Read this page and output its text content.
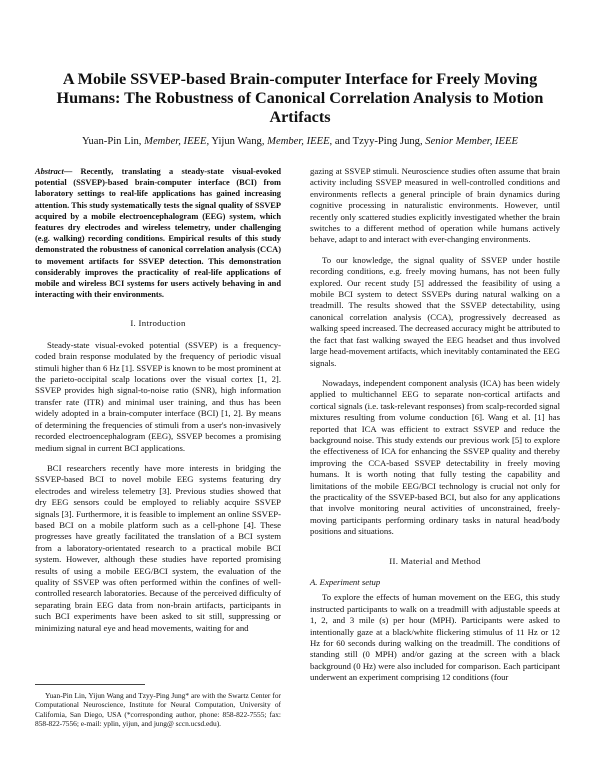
A Mobile SSVEP-based Brain-computer Interface for Freely Moving Humans: The Robustness of Canonical Correlation Analysis to Motion Artifacts
Yuan-Pin Lin, Member, IEEE, Yijun Wang, Member, IEEE, and Tzyy-Ping Jung, Senior Member, IEEE

Abstract— Recently, translating a steady-state visual-evoked potential (SSVEP)-based brain-computer interface (BCI) from laboratory settings to real-life applications has gained increasing attention. This study systematically tests the signal quality of SSVEP acquired by a mobile electroencephalogram (EEG) system, which features dry electrodes and wireless telemetry, under challenging (e.g. walking) recording conditions. Empirical results of this study demonstrated the robustness of canonical correlation analysis (CCA) to movement artifacts for SSVEP detection. This demonstration considerably improves the practicality of real-life applications of mobile and wireless BCI systems for users actively behaving in and interacting with their environments.

I. Introduction

Steady-state visual-evoked potential (SSVEP) is a frequency-coded brain response modulated by the frequency of periodic visual stimuli higher than 6 Hz [1]. SSVEP is known to be most prominent at the parieto-occipital scalp locations over the visual cortex [1, 2]. SSVEP provides high signal-to-noise ratio (SNR), high information transfer rate (ITR) and minimal user training, and thus has been widely adopted in a brain-computer interface (BCI) [1, 2]. By means of determining the frequencies of stimuli from a user's non-invasively recorded electroencephalogram (EEG), SSVEP becomes a promising medium signal in current BCI applications.

BCI researchers recently have more interests in bridging the SSVEP-based BCI to novel mobile EEG systems featuring dry electrodes and wireless telemetry [3]. Previous studies showed that dry EEG sensors could be employed to reliably acquire SSVEP signals [3]. Furthermore, it is feasible to implement an online SSVEP-based BCI on a mobile platform such as a cell-phone [4]. These progresses have greatly facilitated the translation of a BCI system from a laboratory-orientated research to a practical mobile BCI system. However, although these studies have reported promising results of using a mobile EEG/BCI system, the evaluation of the quality of SSVEP was often performed within the confines of well-controlled research laboratories. Because of the perceived difficulty of separating brain EEG data from non-brain artifacts, participants in such BCI experiments have been asked to sit still, suppressing or minimizing natural eye and head movements, waiting for and

Yuan-Pin Lin, Yijun Wang and Tzyy-Ping Jung* are with the Swartz Center for Computational Neuroscience, Institute for Neural Computation, University of California, San Diego, USA (*corresponding author, phone: 858-822-7555; fax: 858-822-7556; e-mail: yplin, yijun, and jung@ sccn.ucsd.edu).

gazing at SSVEP stimuli. Neuroscience studies often assume that brain activity including SSVEP measured in well-controlled conditions and environments reflects a general principle of brain dynamics during cognitive processing in naturalistic environments. However, until recently only scattered studies explicitly investigated whether the brain switches to a different method of operation while humans actively behave, adapt to and interact with ever-changing environments.

To our knowledge, the signal quality of SSVEP under hostile recording conditions, e.g. freely moving humans, has not been fully explored. Our recent study [5] addressed the feasibility of using a mobile BCI system to detect SSVEPs during natural walking on a treadmill. The results showed that the SSVEP detectability, using canonical correlation analysis (CCA), progressively decreased as walking speed increased. The decreased accuracy might be attributed to the fact that fast walking swayed the EEG headset and thus involved large head-movement artifacts, which inevitably contaminated the EEG signals.

Nowadays, independent component analysis (ICA) has been widely applied to multichannel EEG to separate non-cortical artifacts and cortical signals (i.e. task-relevant responses) from scalp-recorded signal mixtures resulting from volume conduction [6]. Wang et al. [1] has reported that ICA was efficient to extract SSVEP and reduce the background noise. This study extends our previous work [5] to explore the effectiveness of ICA for enhancing the SSVEP quality and thereby improving the CCA-based SSVEP detectability in freely moving humans. It is worth noting that fully testing the capability and limitations of the mobile EEG/BCI technology is crucial not only for the practicality of the SSVEP-based BCI, but also for any applications that involve monitoring neural activities of unconstrained, freely-moving participants performing ordinary tasks in natural head/body positions and situations.

II. Material and Method
A. Experiment setup

To explore the effects of human movement on the EEG, this study instructed participants to walk on a treadmill with adjustable speeds at 1, 2, and 3 mile (s) per hour (MPH). Participants were asked to intentionally gaze at a black/white flickering stimulus of 11 Hz or 12 Hz for 60 seconds during walking on the treadmill. The conditions of standing still (0 MPH) and/or gazing at the screen with a black background (0 Hz) were also included for comparison. Each participant underwent an experiment comprising 12 conditions (four
